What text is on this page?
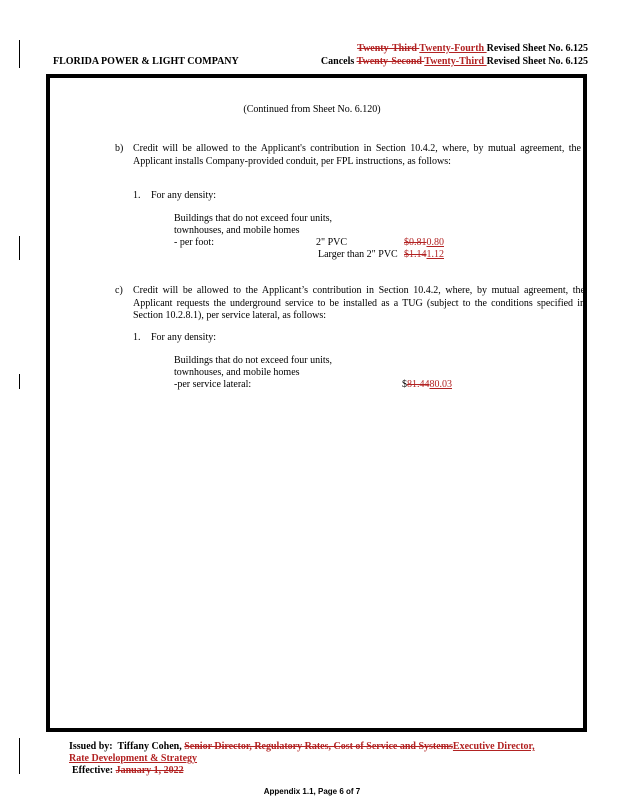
FLORIDA POWER & LIGHT COMPANY
Twenty-Third Twenty-Fourth Revised Sheet No. 6.125
Cancels Twenty-Second Twenty-Third Revised Sheet No. 6.125
(Continued from Sheet No. 6.120)
b) Credit will be allowed to the Applicant's contribution in Section 10.4.2, where, by mutual agreement, the Applicant installs Company-provided conduit, per FPL instructions, as follows:
1. For any density:
Buildings that do not exceed four units,
townhouses, and mobile homes
- per foot:	2" PVC	$0.810.80
Larger than 2" PVC $1.141.12
c) Credit will be allowed to the Applicant’s contribution in Section 10.4.2, where, by mutual agreement, the Applicant requests the underground service to be installed as a TUG (subject to the conditions specified in Section 10.2.8.1), per service lateral, as follows:
1. For any density:
Buildings that do not exceed four units,
townhouses, and mobile homes
-per service lateral:	$81.4480.03
Issued by: Tiffany Cohen, Senior Director, Regulatory Rates, Cost of Service and SystemsExecutive Director,
Rate Development & Strategy
Effective: January 1, 2022
Appendix 1.1, Page 6 of 7
